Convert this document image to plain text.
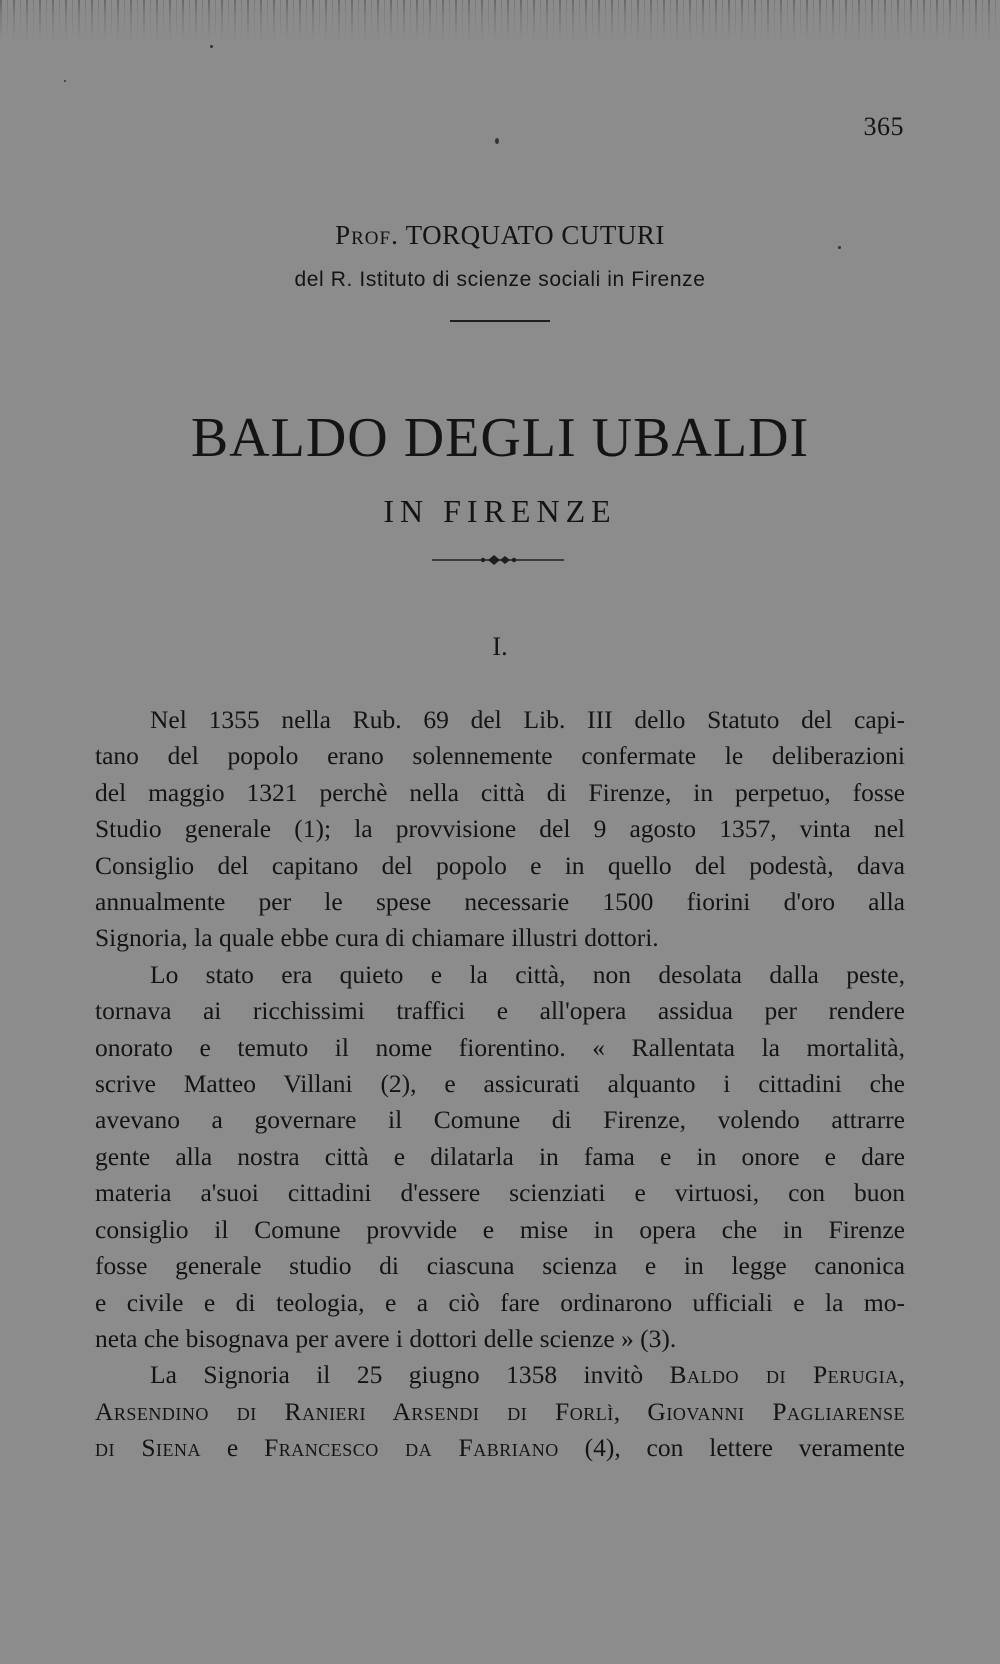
365
Prof. TORQUATO CUTURI
del R. Istituto di scienze sociali in Firenze
BALDO DEGLI UBALDI
IN FIRENZE
I.
Nel 1355 nella Rub. 69 del Lib. III dello Statuto del capi-
tano del popolo erano solennemente confermate le deliberazioni
del maggio 1321 perchè nella città di Firenze, in perpetuo, fosse
Studio generale (1); la provvisione del 9 agosto 1357, vinta nel
Consiglio del capitano del popolo e in quello del podestà, dava
annualmente per le spese necessarie 1500 fiorini d'oro alla
Signoria, la quale ebbe cura di chiamare illustri dottori.
Lo stato era quieto e la città, non desolata dalla peste,
tornava ai ricchissimi traffici e all'opera assidua per rendere
onorato e temuto il nome fiorentino. « Rallentata la mortalità,
scrive Matteo Villani (2), e assicurati alquanto i cittadini che
avevano a governare il Comune di Firenze, volendo attrarre
gente alla nostra città e dilatarla in fama e in onore e dare
materia a'suoi cittadini d'essere scienziati e virtuosi, con buon
consiglio il Comune provvide e mise in opera che in Firenze
fosse generale studio di ciascuna scienza e in legge canonica
e civile e di teologia, e a ciò fare ordinarono ufficiali e la mo-
neta che bisognava per avere i dottori delle scienze » (3).
La Signoria il 25 giugno 1358 invitò Baldo di Perugia,
Arsendino di Ranieri Arsendi di Forlì, Giovanni Pagliarense
di Siena e Francesco da Fabriano (4), con lettere veramente
